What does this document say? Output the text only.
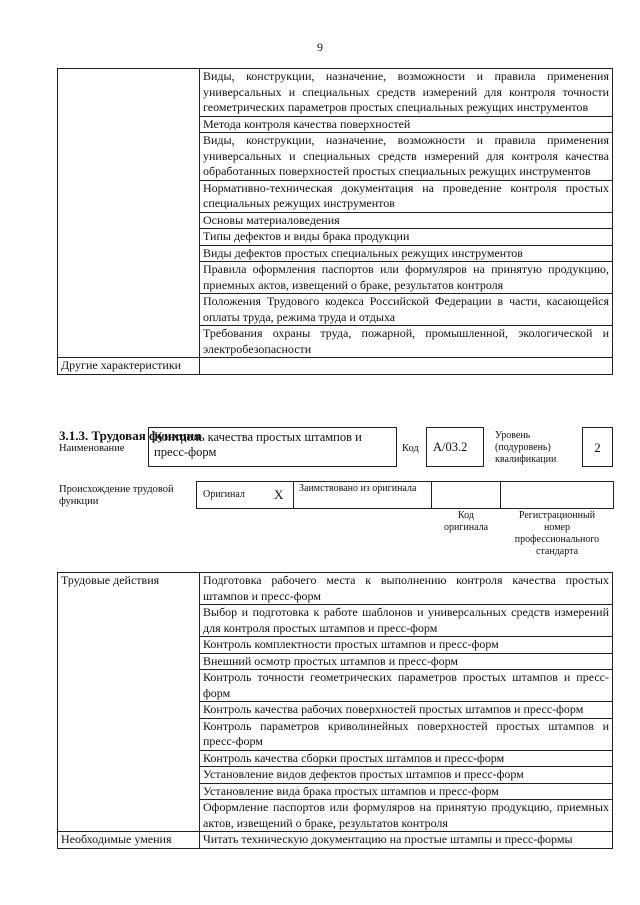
9
	Виды, конструкции, назначение, возможности и правила применения универсальных и специальных средств измерений для контроля точности геометрических параметров простых специальных режущих инструментов
	Метода контроля качества поверхностей
	Виды, конструкции, назначение, возможности и правила применения универсальных и специальных средств измерений для контроля качества обработанных поверхностей простых специальных режущих инструментов
	Нормативно-техническая документация на проведение контроля простых специальных режущих инструментов
	Основы материаловедения
	Типы дефектов и виды брака продукции
	Виды дефектов простых специальных режущих инструментов
	Правила оформления паспортов или формуляров на принятую продукцию, приемных актов, извещений о браке, результатов контроля
	Положения Трудового кодекса Российской Федерации в части, касающейся оплаты труда, режима труда и отдыха
	Требования охраны труда, пожарной, промышленной, экологической и электробезопасности
Другие характеристики	
3.1.3. Трудовая функция
Наименование
Контроль качества простых штампов и пресс-форм	Код	А/03.2
Уровень (подуровень) квалификации
2
Происхождение трудовой функции
Оригинал X Заимствовано из оригинала
Код оригинала
Регистрационный номер профессионального стандарта
Трудовые действия	Подготовка рабочего места к выполнению контроля качества простых штампов и пресс-форм
	Выбор и подготовка к работе шаблонов и универсальных средств измерений для контроля простых штампов и пресс-форм
	Контроль комплектности простых штампов и пресс-форм
	Внешний осмотр простых штампов и пресс-форм
	Контроль точности геометрических параметров простых штампов и пресс-форм
	Контроль качества рабочих поверхностей простых штампов и пресс-форм
	Контроль параметров криволинейных поверхностей простых штампов и пресс-форм
	Контроль качества сборки простых штампов и пресс-форм
	Установление видов дефектов простых штампов и пресс-форм
	Установление вида брака простых штампов и пресс-форм
	Оформление паспортов или формуляров на принятую продукцию, приемных актов, извещений о браке, результатов контроля
Необходимые умения	Читать техническую документацию на простые штампы и пресс-формы
